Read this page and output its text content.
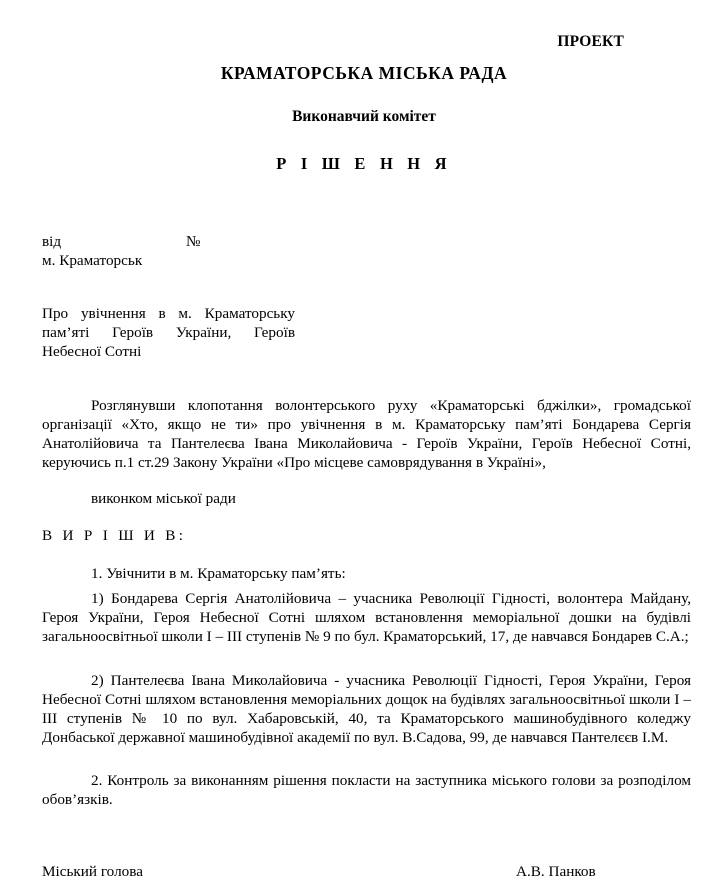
ПРОЕКТ
КРАМАТОРСЬКА МІСЬКА РАДА
Виконавчий комітет
Р І Ш Е Н Н Я
від	№
м. Краматорськ
Про увічнення в м. Краматорську
пам’яті Героїв України, Героїв
Небесної Сотні
Розглянувши клопотання волонтерського руху «Краматорські бджілки», громадської організації «Хто, якщо не ти» про увічнення в м. Краматорську пам’яті Бондарева Сергія Анатолійовича та Пантелеєва Івана Миколайовича - Героїв України, Героїв Небесної Сотні, керуючись п.1 ст.29 Закону України «Про місцеве самоврядування в Україні»,
виконком міської ради
В И Р І Ш И В:
1. Увічнити в м. Краматорську пам’ять:
1) Бондарева Сергія Анатолійовича – учасника Революції Гідності, волонтера Майдану, Героя України, Героя Небесної Сотні шляхом встановлення меморіальної дошки на будівлі загальноосвітньої школи І – ІІІ ступенів № 9 по бул. Краматорський, 17, де навчався Бондарев С.А.;
2) Пантелеєва Івана Миколайовича - учасника Революції Гідності, Героя України, Героя Небесної Сотні шляхом встановлення меморіальних дощок на будівлях загальноосвітньої школи І – ІІІ ступенів № 10 по вул. Хабаровській, 40, та Краматорського машинобудівного коледжу Донбаської державної машинобудівної академії по вул. В.Садова, 99, де навчався Пантелєєв І.М.
2. Контроль за виконанням рішення покласти на заступника міського голови за розподілом обов’язків.
Міський голова	А.В. Панков
